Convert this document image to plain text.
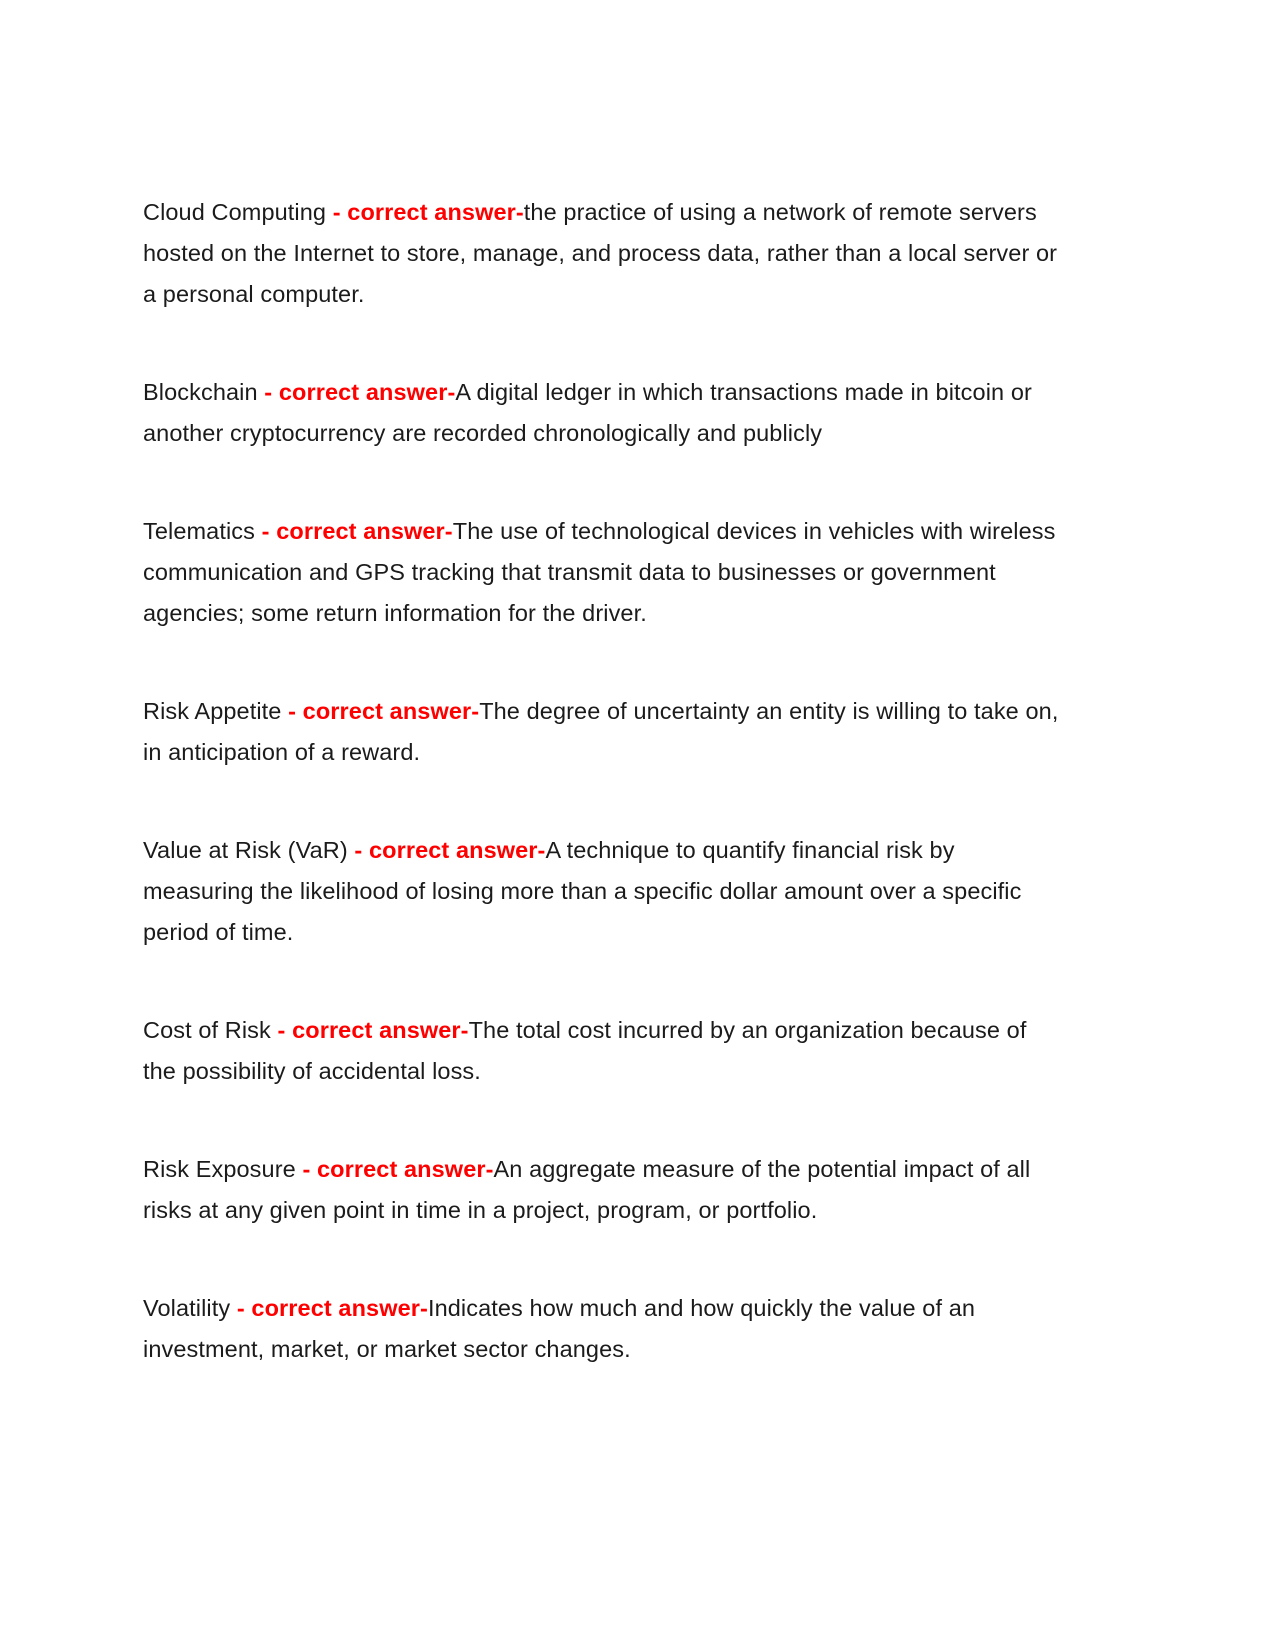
Cloud Computing - correct answer-the practice of using a network of remote servers hosted on the Internet to store, manage, and process data, rather than a local server or a personal computer.

Blockchain - correct answer-A digital ledger in which transactions made in bitcoin or another cryptocurrency are recorded chronologically and publicly

Telematics - correct answer-The use of technological devices in vehicles with wireless communication and GPS tracking that transmit data to businesses or government agencies; some return information for the driver.

Risk Appetite - correct answer-The degree of uncertainty an entity is willing to take on, in anticipation of a reward.

Value at Risk (VaR) - correct answer-A technique to quantify financial risk by measuring the likelihood of losing more than a specific dollar amount over a specific period of time.

Cost of Risk - correct answer-The total cost incurred by an organization because of the possibility of accidental loss.

Risk Exposure - correct answer-An aggregate measure of the potential impact of all risks at any given point in time in a project, program, or portfolio.

Volatility - correct answer-Indicates how much and how quickly the value of an investment, market, or market sector changes.
